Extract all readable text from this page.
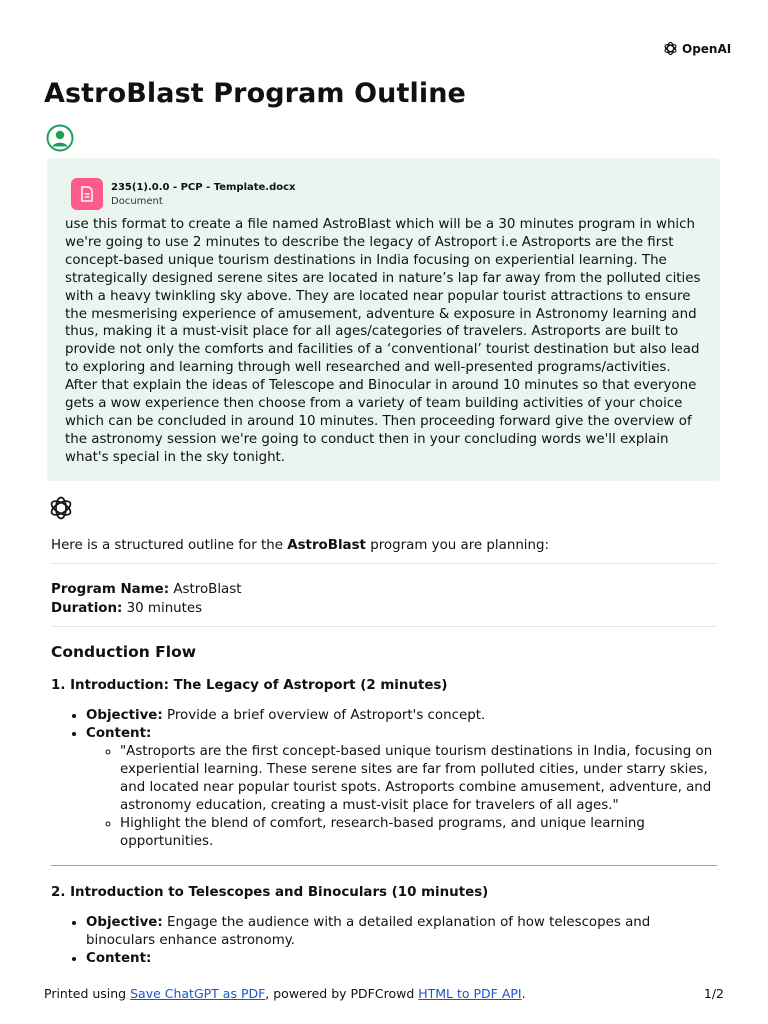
OpenAI
AstroBlast Program Outline
235(1).0.0 - PCP - Template.docx
Document

use this format to create a file named AstroBlast which will be a 30 minutes program in which we're going to use 2 minutes to describe the legacy of Astroport i.e Astroports are the first concept-based unique tourism destinations in India focusing on experiential learning. The strategically designed serene sites are located in nature’s lap far away from the polluted cities with a heavy twinkling sky above. They are located near popular tourist attractions to ensure the mesmerising experience of amusement, adventure & exposure in Astronomy learning and thus, making it a must-visit place for all ages/categories of travelers. Astroports are built to provide not only the comforts and facilities of a ‘conventional’ tourist destination but also lead to exploring and learning through well researched and well-presented programs/activities. After that explain the ideas of Telescope and Binocular in around 10 minutes so that everyone gets a wow experience then choose from a variety of team building activities of your choice which can be concluded in around 10 minutes. Then proceeding forward give the overview of the astronomy session we're going to conduct then in your concluding words we'll explain what's special in the sky tonight.

Here is a structured outline for the AstroBlast program you are planning:

Program Name: AstroBlast

Duration: 30 minutes

Conduction Flow
1. Introduction: The Legacy of Astroport (2 minutes)
• Objective: Provide a brief overview of Astroport's concept.
• Content:
◦ "Astroports are the first concept-based unique tourism destinations in India, focusing on experiential learning. These serene sites are far from polluted cities, under starry skies, and located near popular tourist spots. Astroports combine amusement, adventure, and astronomy education, creating a must-visit place for travelers of all ages."
◦ Highlight the blend of comfort, research-based programs, and unique learning opportunities.
2. Introduction to Telescopes and Binoculars (10 minutes)
• Objective: Engage the audience with a detailed explanation of how telescopes and binoculars enhance astronomy.
• Content:
Printed using Save ChatGPT as PDF, powered by PDFCrowd HTML to PDF API.	1/2
